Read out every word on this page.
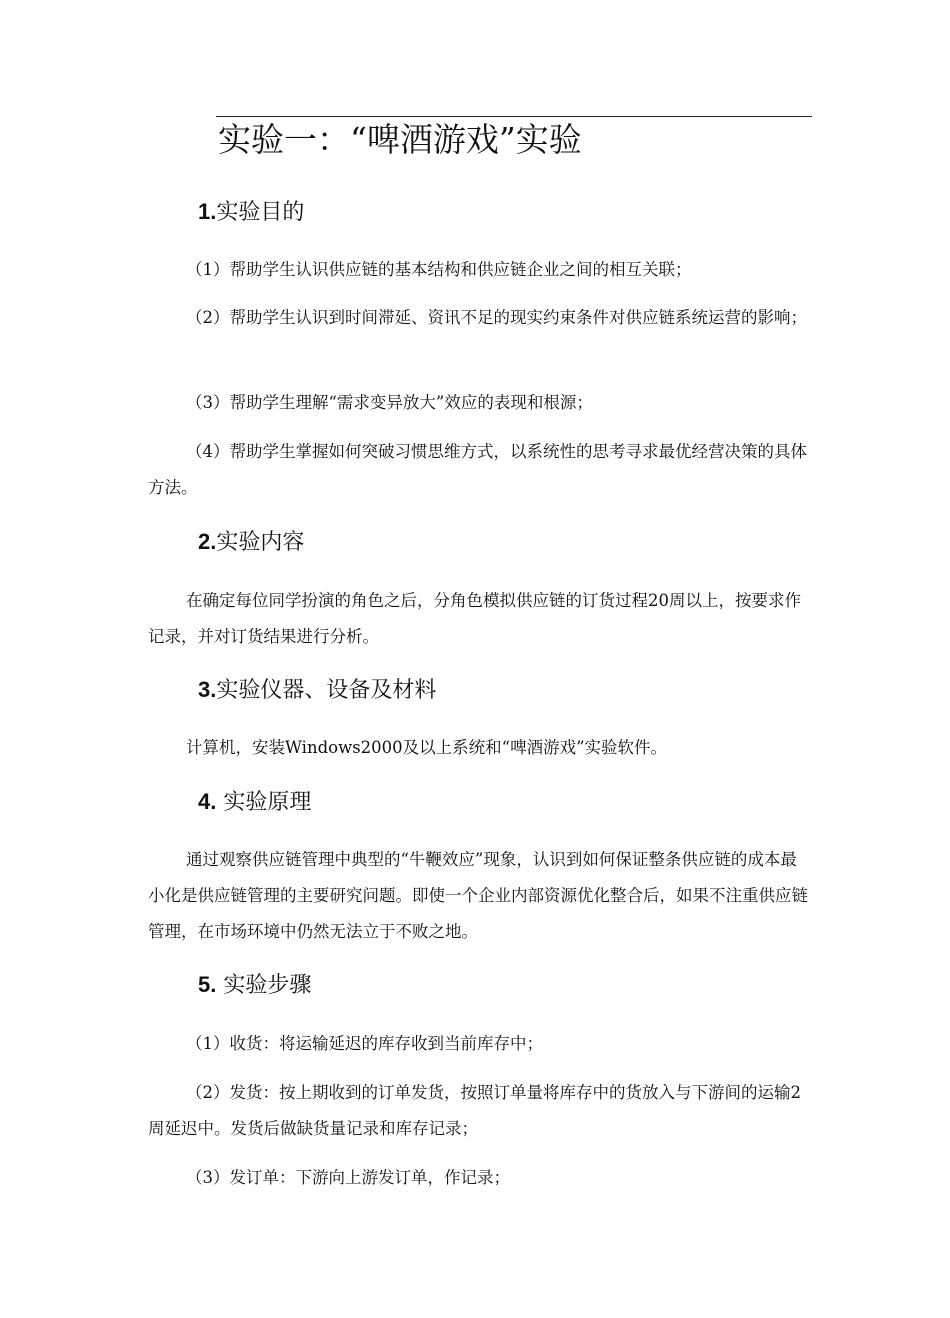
实验一：“啤酒游戏”实验
1.实验目的

（1）帮助学生认识供应链的基本结构和供应链企业之间的相互关联；

（2）帮助学生认识到时间滞延、资讯不足的现实约束条件对供应链系统运营的影响；

（3）帮助学生理解“需求变异放大”效应的表现和根源；

（4）帮助学生掌握如何突破习惯思维方式，以系统性的思考寻求最优经营决策的具体方法。

2.实验内容

在确定每位同学扮演的角色之后，分角色模拟供应链的订货过程20周以上，按要求作记录，并对订货结果进行分析。

3.实验仪器、设备及材料

计算机，安装Windows2000及以上系统和“啤酒游戏”实验软件。

4. 实验原理

通过观察供应链管理中典型的“牛鞭效应”现象，认识到如何保证整条供应链的成本最小化是供应链管理的主要研究问题。即使一个企业内部资源优化整合后，如果不注重供应链管理，在市场环境中仍然无法立于不败之地。

5. 实验步骤

（1）收货：将运输延迟的库存收到当前库存中；

（2）发货：按上期收到的订单发货，按照订单量将库存中的货放入与下游间的运输2周延迟中。发货后做缺货量记录和库存记录；

（3）发订单：下游向上游发订单，作记录；
